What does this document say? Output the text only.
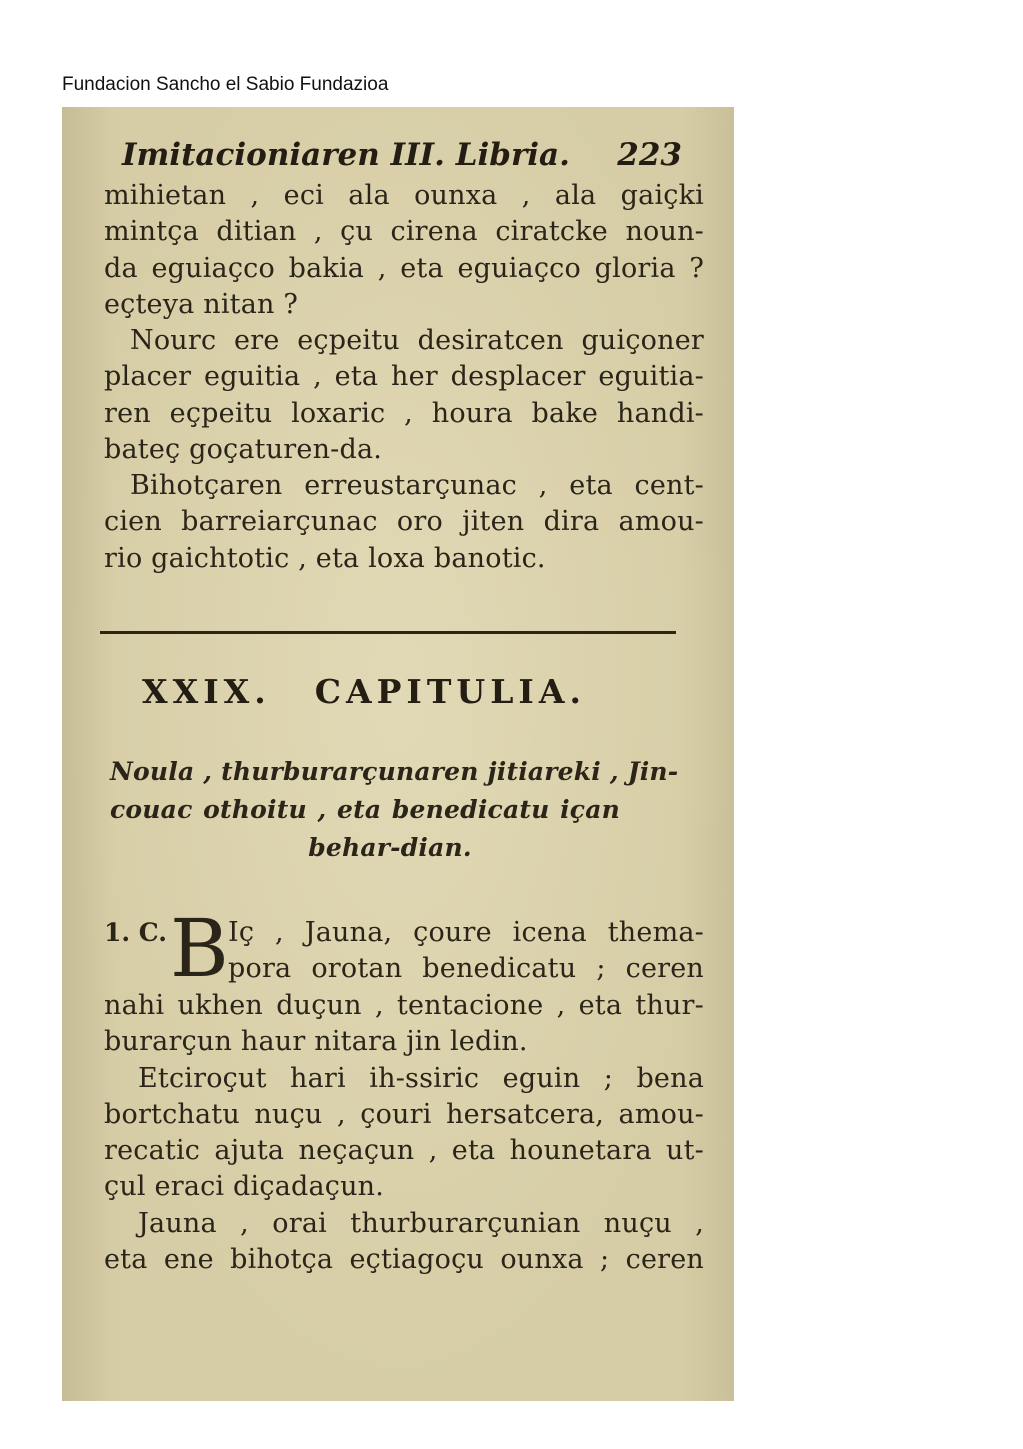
Fundacion Sancho el Sabio Fundazioa
Imitacioniaren III. Libria. 223
mihietan , eci ala ounxa , ala gaiçki
mintça ditian , çu cirena ciratcke noun-
da eguiaçco bakia , eta eguiaçco gloria ?
eçteya nitan ?
Nourc ere eçpeitu desiratcen guiçoner
placer eguitia , eta her desplacer eguitia-
ren eçpeitu loxaric , houra bake handi-
bateç goçaturen-da.
Bihotçaren erreustarçunac , eta cent-
cien barreiarçunac oro jiten dira amou-
rio gaichtotic , eta loxa banotic.
XXIX. CAPITULIA.
Noula , thurburarçunaren jitiareki , Jin-
couac othoitu , eta benedicatu içan
behar-dian.
1. C. B Iç , Jauna, çoure icena thema-
pora orotan benedicatu ; ceren
nahi ukhen duçun , tentacione , eta thur-
burarçun haur nitara jin ledin.
Etciroçut hari ih-ssiric eguin ; bena
bortchatu nuçu , çouri hersatcera, amou-
recatic ajuta neçaçun , eta hounetara ut-
çul eraci diçadaçun.
Jauna , orai thurburarçunian nuçu ,
eta ene bihotça eçtiagoçu ounxa ; ceren
